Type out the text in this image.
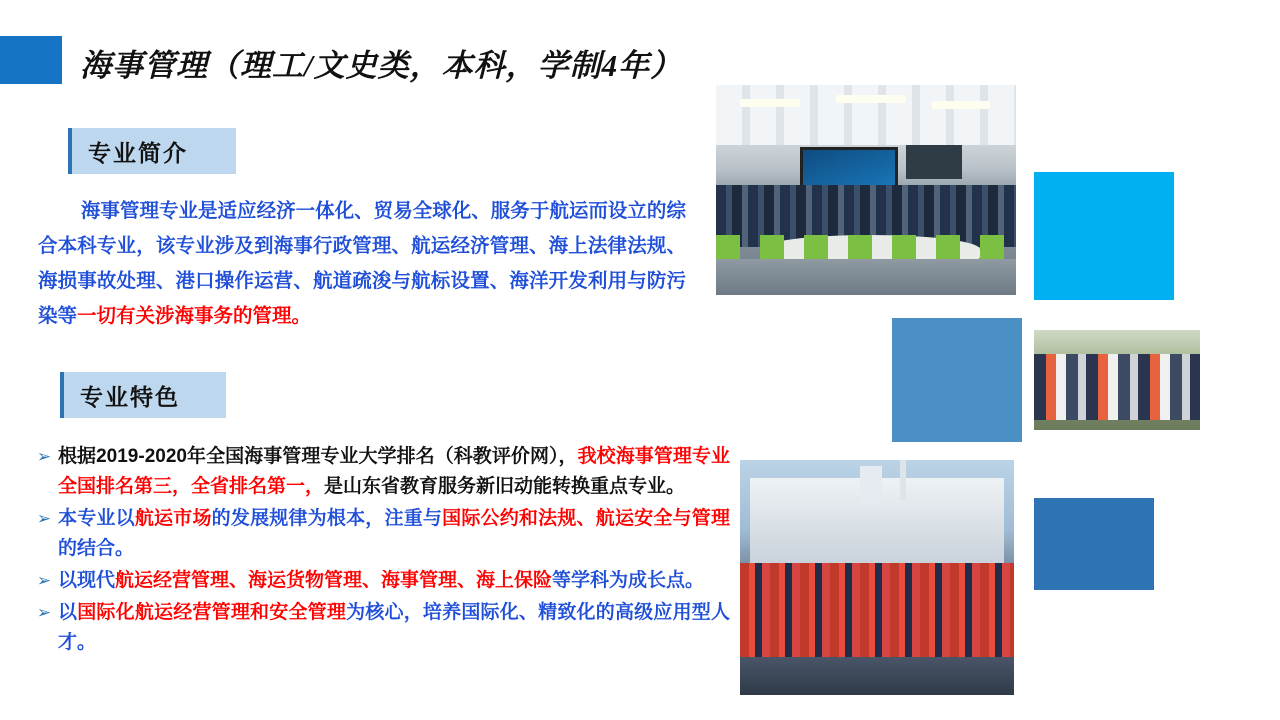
海事管理（理工/文史类，本科，学制4年）
专业简介
海事管理专业是适应经济一体化、贸易全球化、服务于航运而设立的综合本科专业，该专业涉及到海事行政管理、航运经济管理、海上法律法规、海损事故处理、港口操作运营、航道疏浚与航标设置、海洋开发利用与防污染等一切有关涉海事务的管理。
专业特色
➢ 根据2019-2020年全国海事管理专业大学排名（科教评价网），我校海事管理专业全国排名第三，全省排名第一，是山东省教育服务新旧动能转换重点专业。
➢ 本专业以航运市场的发展规律为根本，注重与国际公约和法规、航运安全与管理的结合。
➢ 以现代航运经营管理、海运货物管理、海事管理、海上保险等学科为成长点。
➢ 以国际化航运经营管理和安全管理为核心，培养国际化、精致化的高级应用型人才。
